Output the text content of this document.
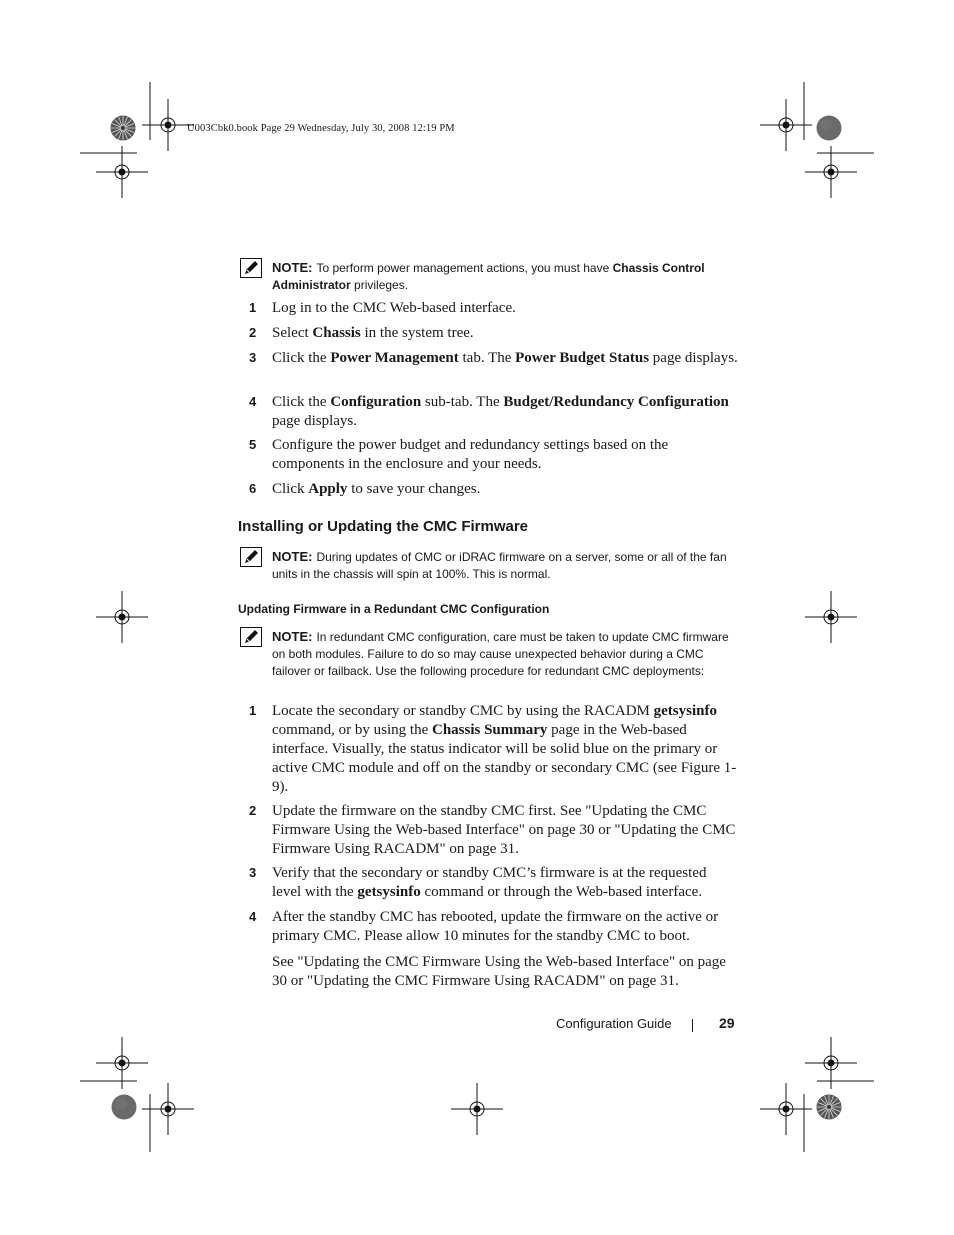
U003Cbk0.book Page 29 Wednesday, July 30, 2008 12:19 PM
NOTE: To perform power management actions, you must have Chassis Control Administrator privileges.
1	Log in to the CMC Web-based interface.
2	Select Chassis in the system tree.
3	Click the Power Management tab. The Power Budget Status page displays.
4	Click the Configuration sub-tab. The Budget/Redundancy Configuration page displays.
5	Configure the power budget and redundancy settings based on the components in the enclosure and your needs.
6	Click Apply to save your changes.
Installing or Updating the CMC Firmware
NOTE: During updates of CMC or iDRAC firmware on a server, some or all of the fan units in the chassis will spin at 100%. This is normal.
Updating Firmware in a Redundant CMC Configuration
NOTE: In redundant CMC configuration, care must be taken to update CMC firmware on both modules. Failure to do so may cause unexpected behavior during a CMC failover or failback. Use the following procedure for redundant CMC deployments:
1	Locate the secondary or standby CMC by using the RACADM getsysinfo command, or by using the Chassis Summary page in the Web-based interface. Visually, the status indicator will be solid blue on the primary or active CMC module and off on the standby or secondary CMC (see Figure 1-9).
2	Update the firmware on the standby CMC first. See "Updating the CMC Firmware Using the Web-based Interface" on page 30 or "Updating the CMC Firmware Using RACADM" on page 31.
3	Verify that the secondary or standby CMC’s firmware is at the requested level with the getsysinfo command or through the Web-based interface.
4	After the standby CMC has rebooted, update the firmware on the active or primary CMC. Please allow 10 minutes for the standby CMC to boot.
See "Updating the CMC Firmware Using the Web-based Interface" on page 30 or "Updating the CMC Firmware Using RACADM" on page 31.
Configuration Guide	29
